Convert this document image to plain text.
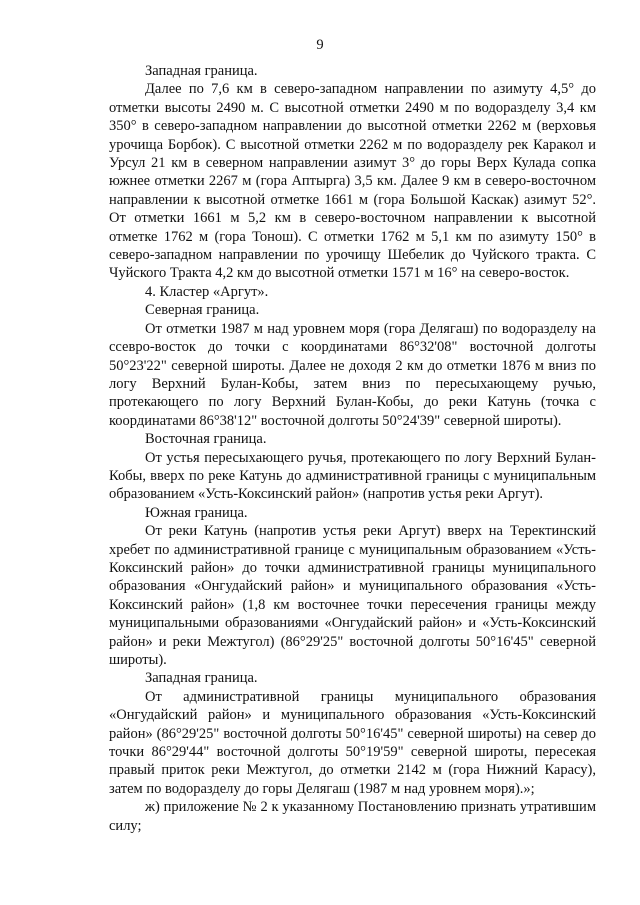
9

Западная граница.

Далее по 7,6 км в северо-западном направлении по азимуту 4,5° до отметки высоты 2490 м. С высотной отметки 2490 м по водоразделу 3,4 км 350° в северо-западном направлении до высотной отметки 2262 м (верховья урочища Борбок). С высотной отметки 2262 м по водоразделу рек Каракол и Урсул 21 км в северном направлении азимут 3° до горы Верх Кулада сопка южнее отметки 2267 м (гора Аптырга) 3,5 км. Далее 9 км в северо-восточном направлении к высотной отметке 1661 м (гора Большой Каскак) азимут 52°. От отметки 1661 м 5,2 км в северо-восточном направлении к высотной отметке 1762 м (гора Тонош). С отметки 1762 м 5,1 км по азимуту 150° в северо-западном направлении по урочищу Шебелик до Чуйского тракта. С Чуйского Тракта 4,2 км до высотной отметки 1571 м 16° на северо-восток.

4. Кластер «Аргут».

Северная граница.

От отметки 1987 м над уровнем моря (гора Делягаш) по водоразделу на ссевро-восток до точки с координатами 86°32'08" восточной долготы 50°23'22" северной широты. Далее не доходя 2 км до отметки 1876 м вниз по логу Верхний Булан-Кобы, затем вниз по пересыхающему ручью, протекающего по логу Верхний Булан-Кобы, до реки Катунь (точка с координатами 86°38'12" восточной долготы 50°24'39" северной широты).

Восточная граница.

От устья пересыхающего ручья, протекающего по логу Верхний Булан-Кобы, вверх по реке Катунь до административной границы с муниципальным образованием «Усть-Коксинский район» (напротив устья реки Аргут).

Южная граница.

От реки Катунь (напротив устья реки Аргут) вверх на Теректинский хребет по административной границе с муниципальным образованием «Усть-Коксинский район» до точки административной границы муниципального образования «Онгудайский район» и муниципального образования «Усть-Коксинский район» (1,8 км восточнее точки пересечения границы между муниципальными образованиями «Онгудайский район» и «Усть-Коксинский район» и реки Межтугол) (86°29'25" восточной долготы 50°16'45" северной широты).

Западная граница.

От административной границы муниципального образования «Онгудайский район» и муниципального образования «Усть-Коксинский район» (86°29'25" восточной долготы 50°16'45" северной широты) на север до точки 86°29'44" восточной долготы 50°19'59" северной широты, пересекая правый приток реки Межтугол, до отметки 2142 м (гора Нижний Карасу), затем по водоразделу до горы Делягаш (1987 м над уровнем моря).»;

ж) приложение № 2 к указанному Постановлению признать утратившим силу;
